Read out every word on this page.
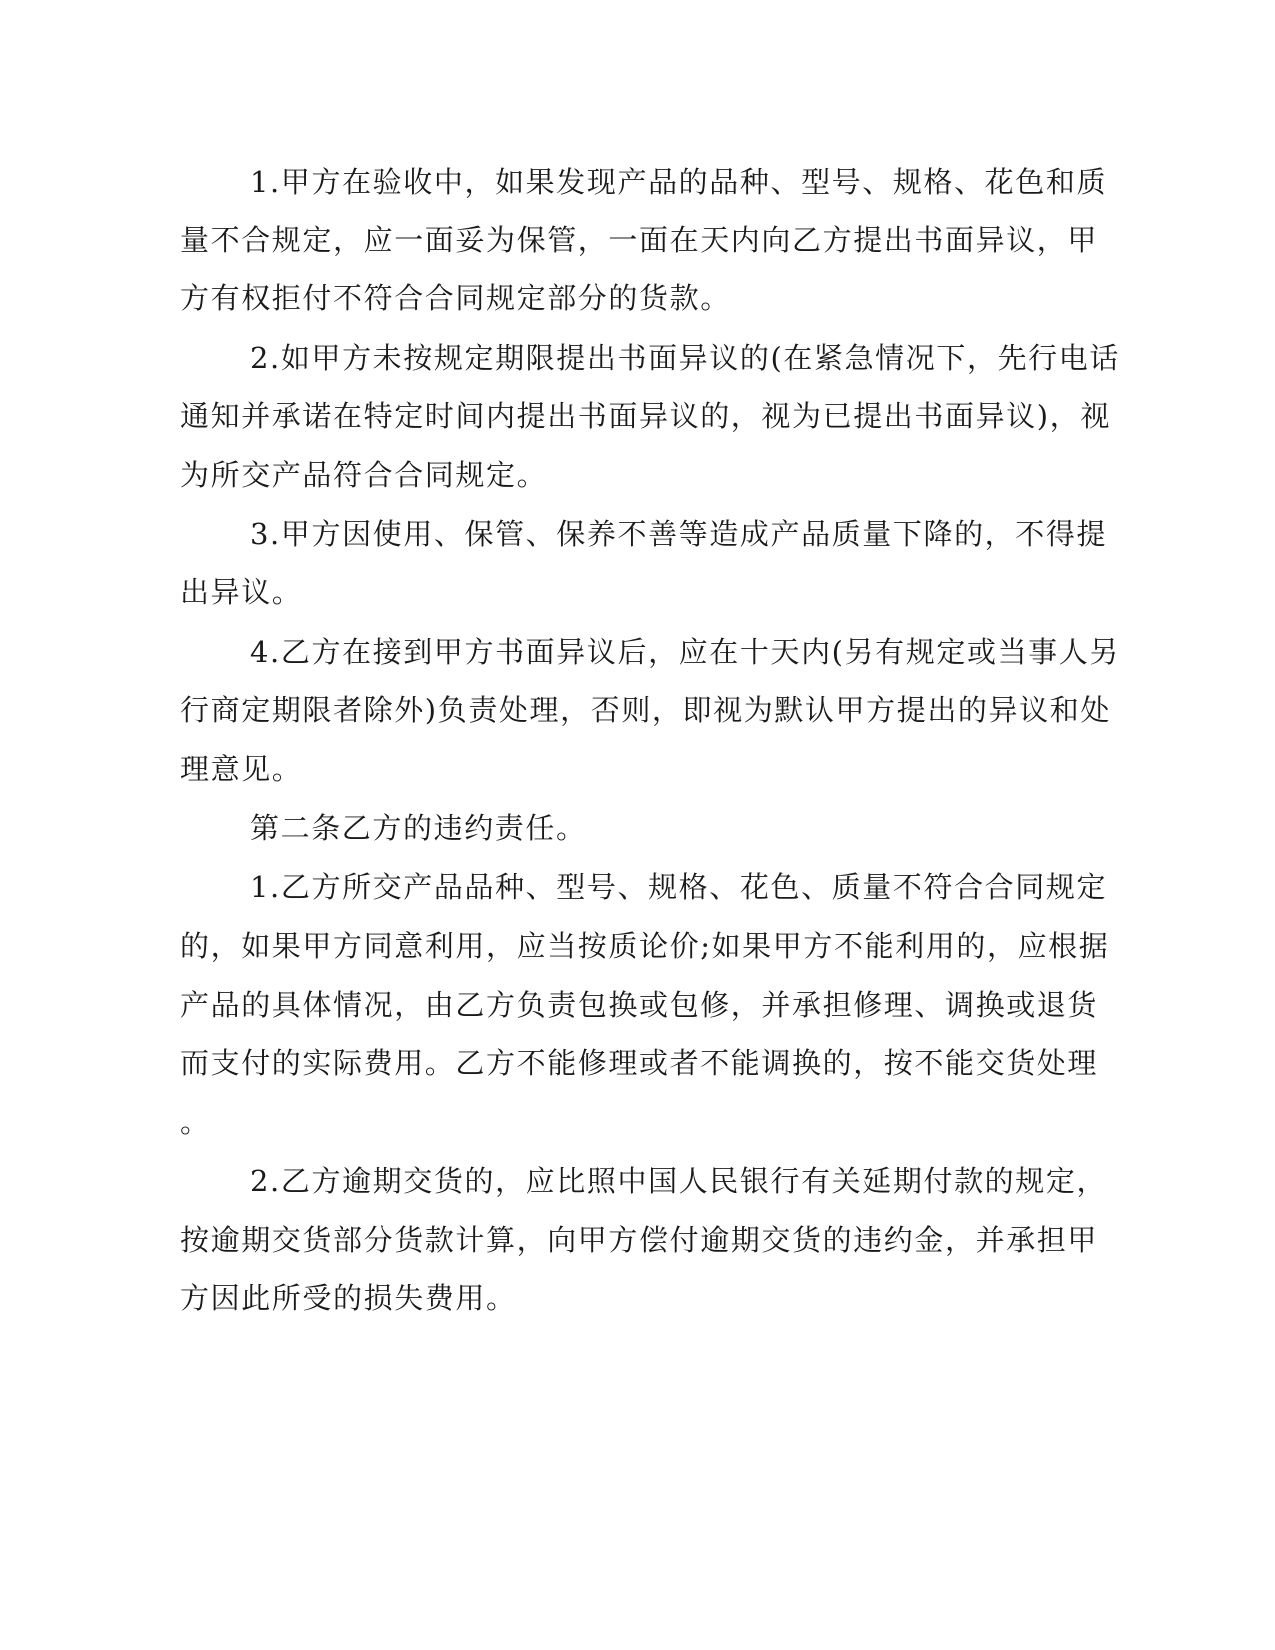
1.甲方在验收中，如果发现产品的品种、型号、规格、花色和质

量不合规定，应一面妥为保管，一面在天内向乙方提出书面异议，甲

方有权拒付不符合合同规定部分的货款。

2.如甲方未按规定期限提出书面异议的(在紧急情况下，先行电话

通知并承诺在特定时间内提出书面异议的，视为已提出书面异议)，视

为所交产品符合合同规定。

3.甲方因使用、保管、保养不善等造成产品质量下降的，不得提

出异议。

4.乙方在接到甲方书面异议后，应在十天内(另有规定或当事人另

行商定期限者除外)负责处理，否则，即视为默认甲方提出的异议和处

理意见。

第二条乙方的违约责任。

1.乙方所交产品品种、型号、规格、花色、质量不符合合同规定

的，如果甲方同意利用，应当按质论价;如果甲方不能利用的，应根据

产品的具体情况，由乙方负责包换或包修，并承担修理、调换或退货

而支付的实际费用。乙方不能修理或者不能调换的，按不能交货处理

。

2.乙方逾期交货的，应比照中国人民银行有关延期付款的规定，

按逾期交货部分货款计算，向甲方偿付逾期交货的违约金，并承担甲

方因此所受的损失费用。
